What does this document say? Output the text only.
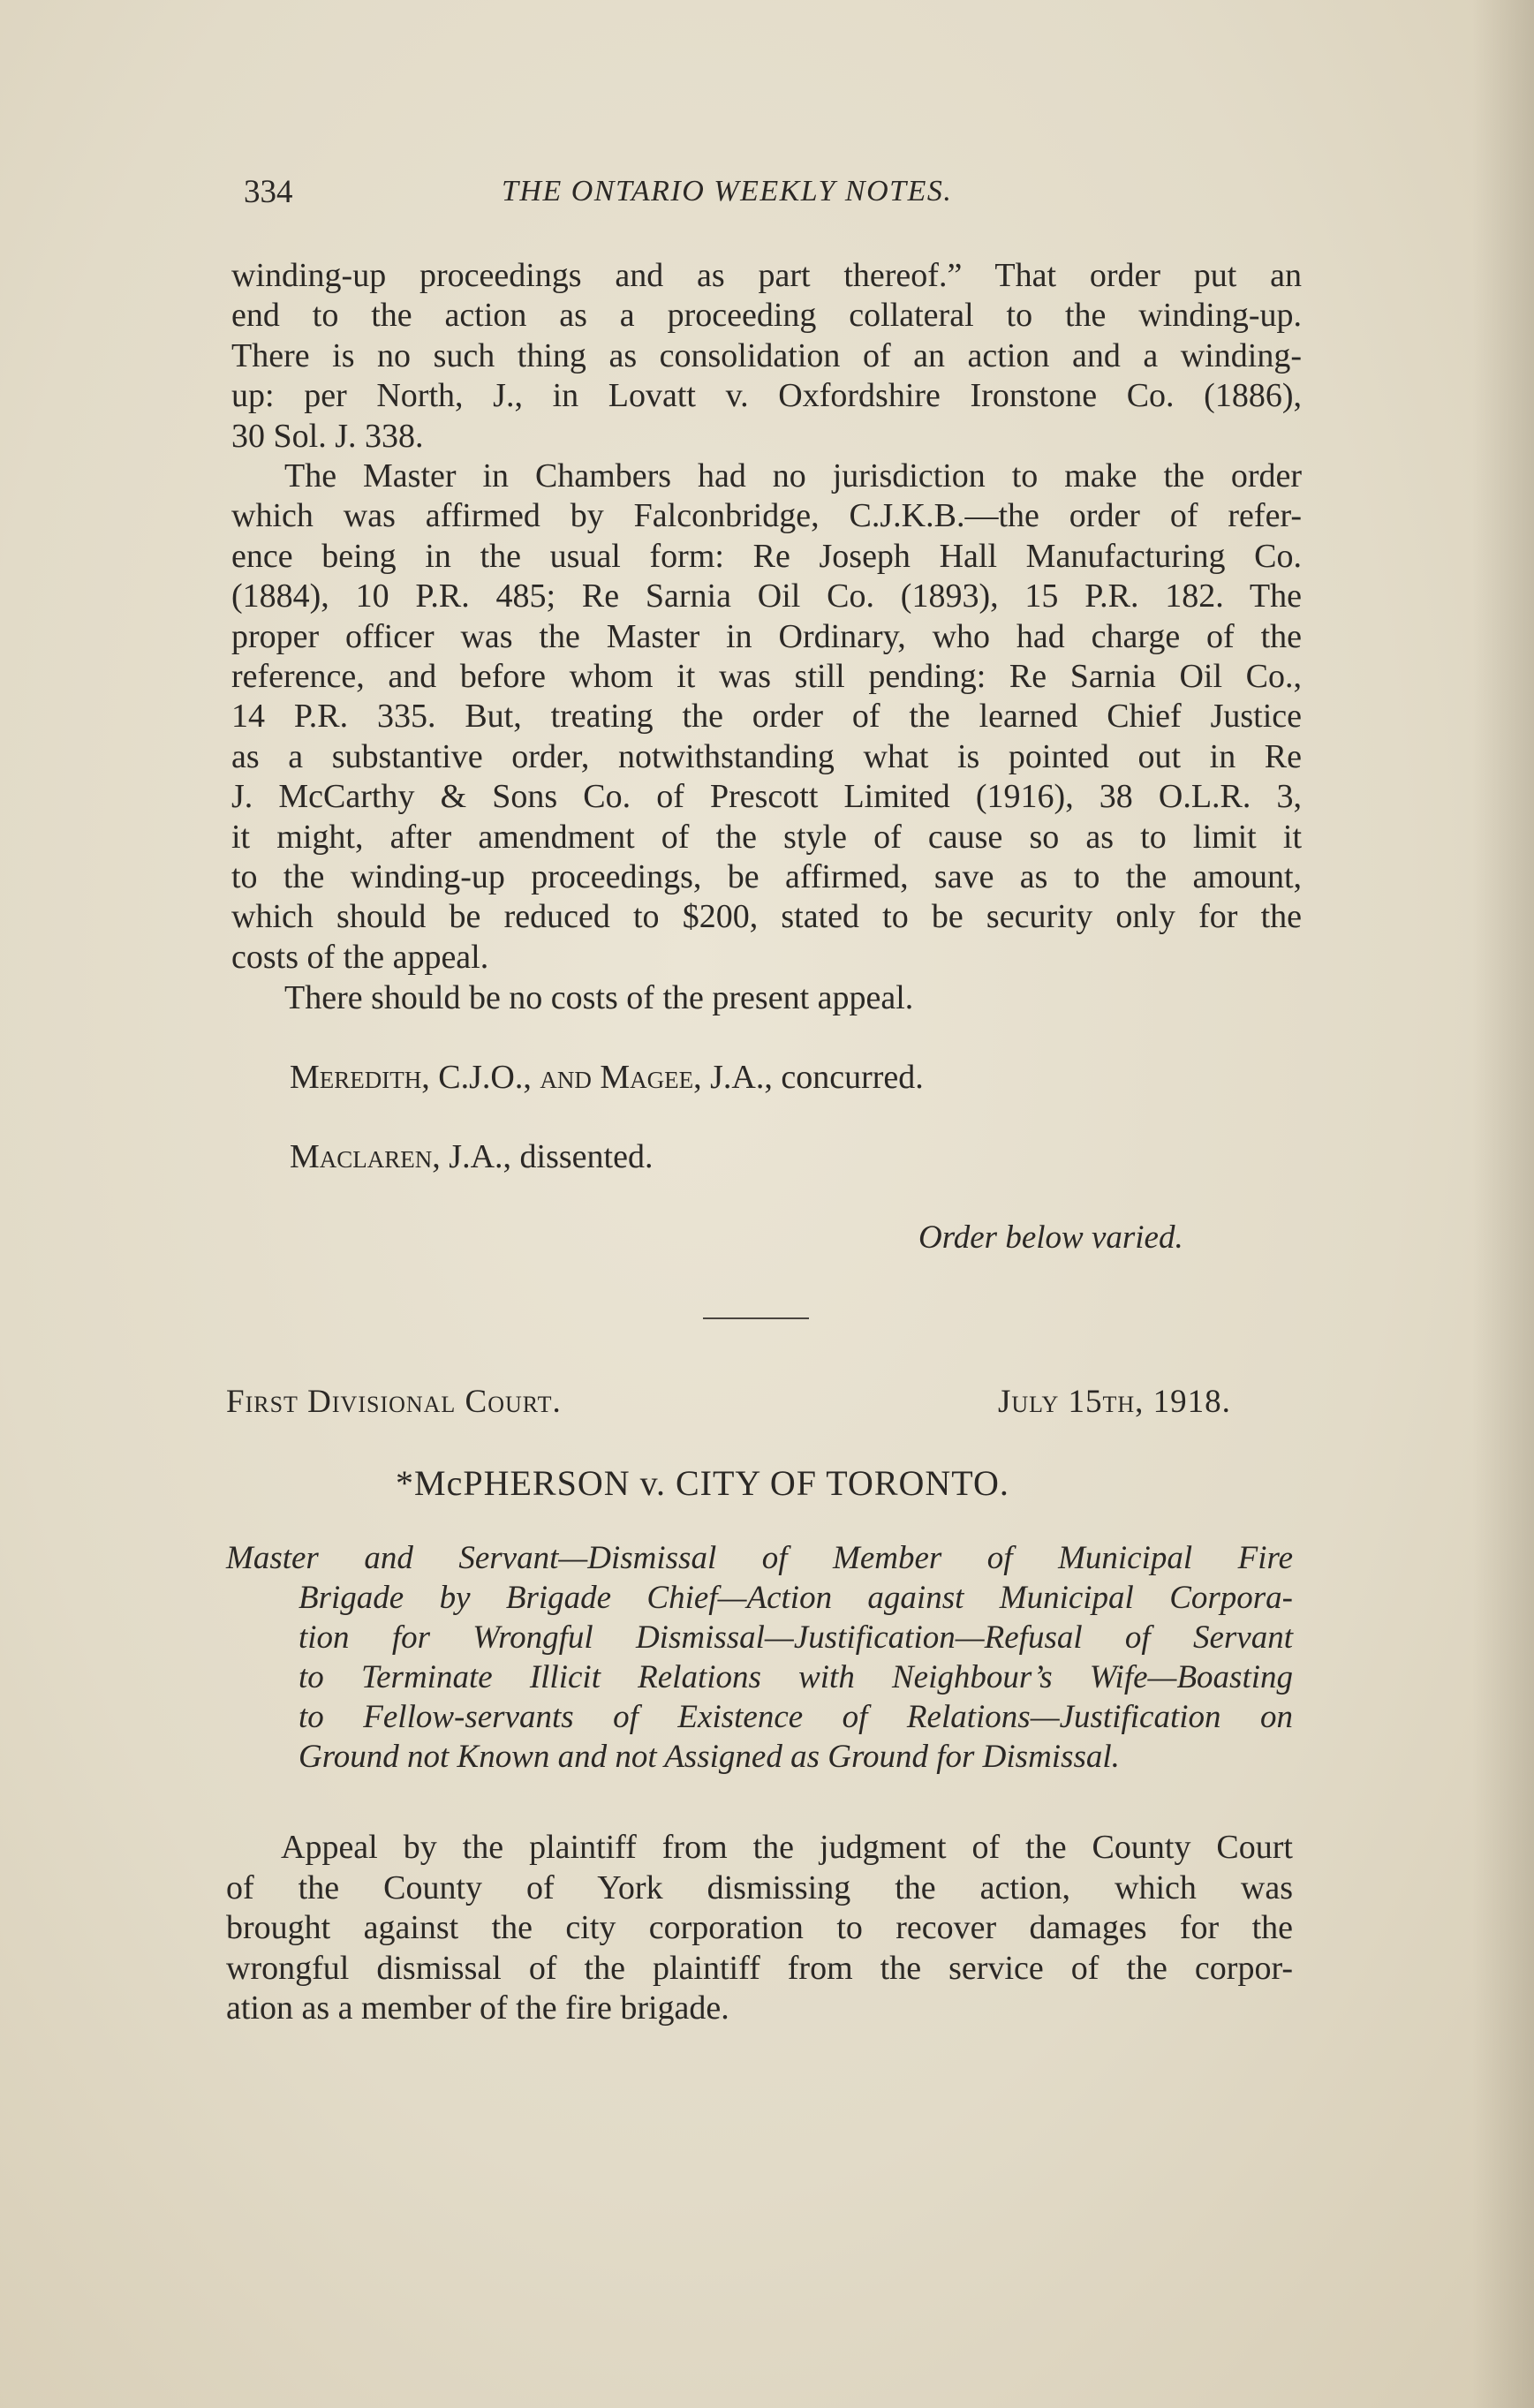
334	THE ONTARIO WEEKLY NOTES.
winding-up proceedings and as part thereof.” That order put an
end to the action as a proceeding collateral to the winding-up.
There is no such thing as consolidation of an action and a winding-
up: per North, J., in Lovatt v. Oxfordshire Ironstone Co. (1886),
30 Sol. J. 338.
The Master in Chambers had no jurisdiction to make the order
which was affirmed by Falconbridge, C.J.K.B.—the order of refer-
ence being in the usual form: Re Joseph Hall Manufacturing Co.
(1884), 10 P.R. 485; Re Sarnia Oil Co. (1893), 15 P.R. 182. The
proper officer was the Master in Ordinary, who had charge of the
reference, and before whom it was still pending: Re Sarnia Oil Co.,
14 P.R. 335. But, treating the order of the learned Chief Justice
as a substantive order, notwithstanding what is pointed out in Re
J. McCarthy & Sons Co. of Prescott Limited (1916), 38 O.L.R. 3,
it might, after amendment of the style of cause so as to limit it
to the winding-up proceedings, be affirmed, save as to the amount,
which should be reduced to $200, stated to be security only for the
costs of the appeal.
There should be no costs of the present appeal.
Meredith, C.J.O., and Magee, J.A., concurred.
Maclaren, J.A., dissented.
Order below varied.
First Divisional Court.	July 15th, 1918.
*McPHERSON v. CITY OF TORONTO.
Master and Servant—Dismissal of Member of Municipal Fire
Brigade by Brigade Chief—Action against Municipal Corpora-
tion for Wrongful Dismissal—Justification—Refusal of Servant
to Terminate Illicit Relations with Neighbour’s Wife—Boasting
to Fellow-servants of Existence of Relations—Justification on
Ground not Known and not Assigned as Ground for Dismissal.
Appeal by the plaintiff from the judgment of the County Court
of the County of York dismissing the action, which was
brought against the city corporation to recover damages for the
wrongful dismissal of the plaintiff from the service of the corpor-
ation as a member of the fire brigade.
